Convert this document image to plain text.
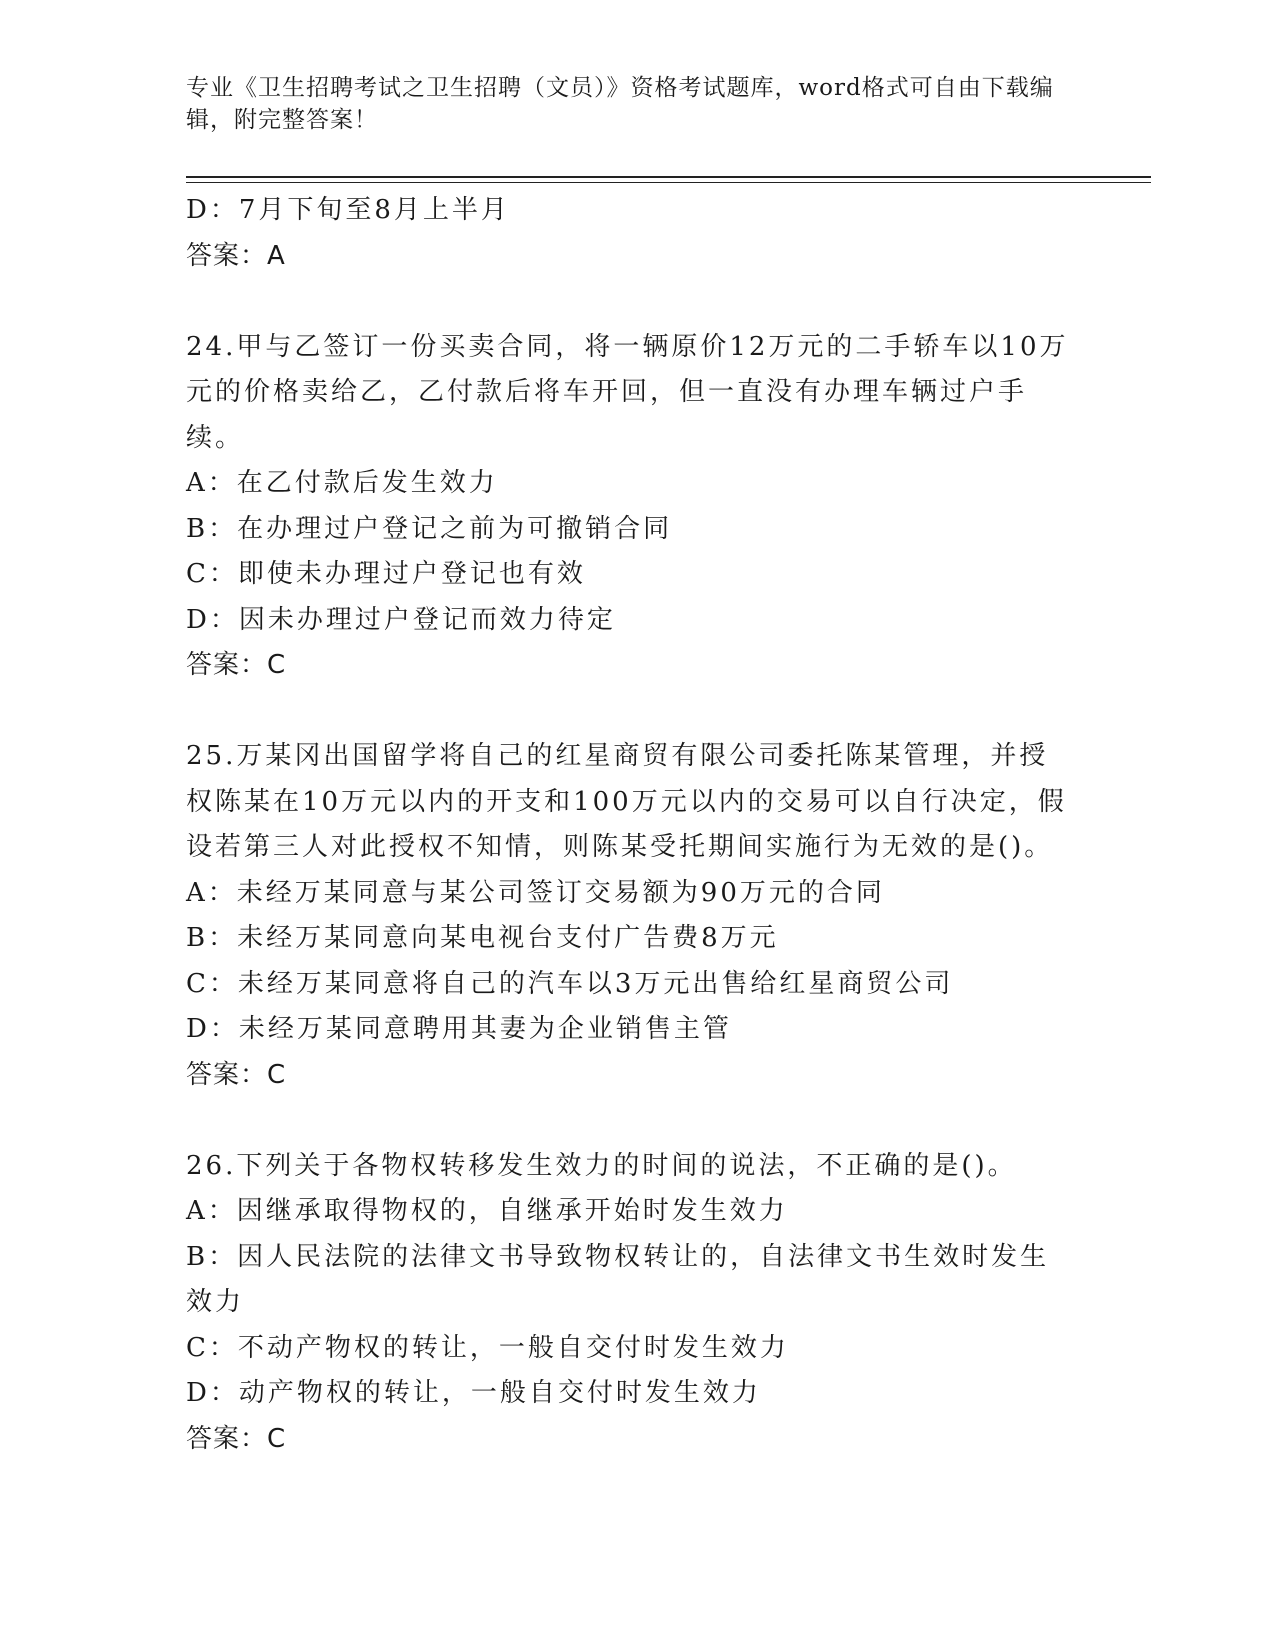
专业《卫生招聘考试之卫生招聘（文员）》资格考试题库，word格式可自由下载编辑，附完整答案！
D：7月下旬至8月上半月
答案：A
24.甲与乙签订一份买卖合同，将一辆原价12万元的二手轿车以10万元的价格卖给乙，乙付款后将车开回，但一直没有办理车辆过户手续。
A：在乙付款后发生效力
B：在办理过户登记之前为可撤销合同
C：即使未办理过户登记也有效
D：因未办理过户登记而效力待定
答案：C
25.万某冈出国留学将自己的红星商贸有限公司委托陈某管理，并授权陈某在10万元以内的开支和100万元以内的交易可以自行决定，假设若第三人对此授权不知情，则陈某受托期间实施行为无效的是()。
A：未经万某同意与某公司签订交易额为90万元的合同
B：未经万某同意向某电视台支付广告费8万元
C：未经万某同意将自己的汽车以3万元出售给红星商贸公司
D：未经万某同意聘用其妻为企业销售主管
答案：C
26.下列关于各物权转移发生效力的时间的说法，不正确的是()。
A：因继承取得物权的，自继承开始时发生效力
B：因人民法院的法律文书导致物权转让的，自法律文书生效时发生效力
C：不动产物权的转让，一般自交付时发生效力
D：动产物权的转让，一般自交付时发生效力
答案：C
